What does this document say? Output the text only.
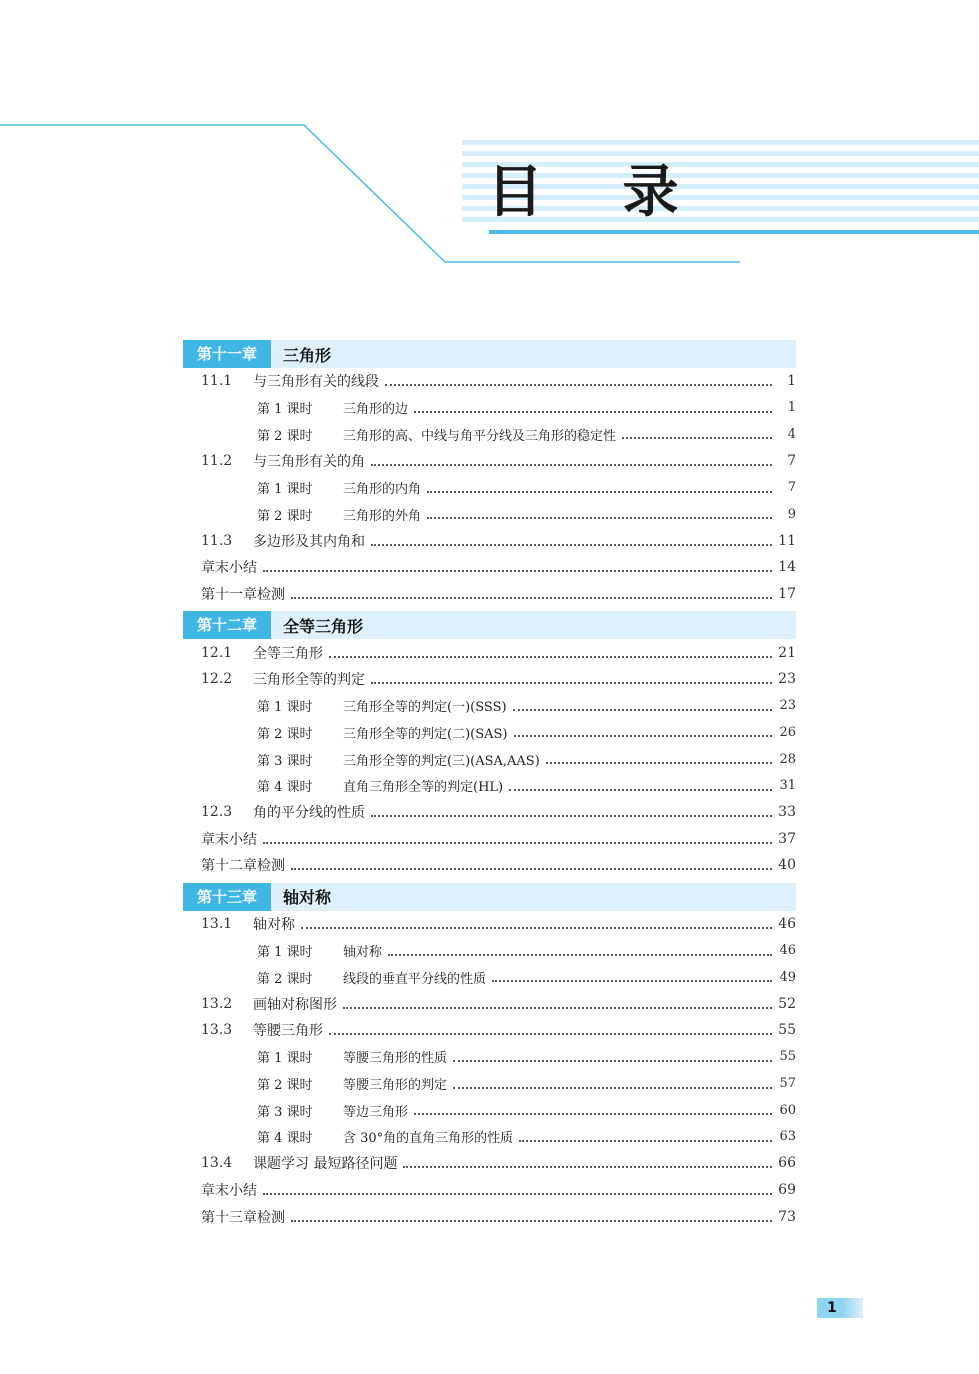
目 录
第十一章	三角形
11.1	与三角形有关的线段	1
第 1 课时	三角形的边	1
第 2 课时	三角形的高、中线与角平分线及三角形的稳定性	4
11.2	与三角形有关的角	7
第 1 课时	三角形的内角	7
第 2 课时	三角形的外角	9
11.3	多边形及其内角和	11
章末小结	14
第十一章检测	17
第十二章	全等三角形
12.1	全等三角形	21
12.2	三角形全等的判定	23
第 1 课时	三角形全等的判定(一)(SSS)	23
第 2 课时	三角形全等的判定(二)(SAS)	26
第 3 课时	三角形全等的判定(三)(ASA,AAS)	28
第 4 课时	直角三角形全等的判定(HL)	31
12.3	角的平分线的性质	33
章末小结	37
第十二章检测	40
第十三章	轴对称
13.1	轴对称	46
第 1 课时	轴对称	46
第 2 课时	线段的垂直平分线的性质	49
13.2	画轴对称图形	52
13.3	等腰三角形	55
第 1 课时	等腰三角形的性质	55
第 2 课时	等腰三角形的判定	57
第 3 课时	等边三角形	60
第 4 课时	含 30°角的直角三角形的性质	63
13.4	课题学习 最短路径问题	66
章末小结	69
第十三章检测	73
1
